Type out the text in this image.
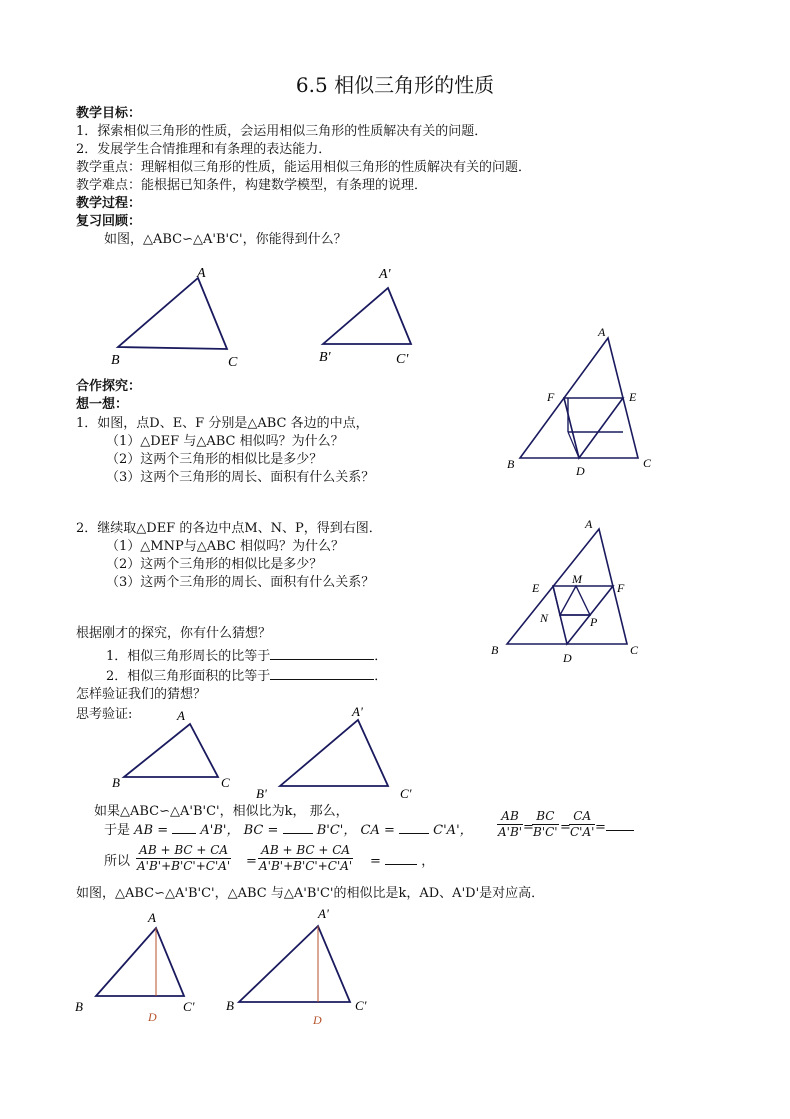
6.5 相似三角形的性质
教学目标：
1．探索相似三角形的性质，会运用相似三角形的性质解决有关的问题．
2．发展学生合情推理和有条理的表达能力．
教学重点：理解相似三角形的性质，能运用相似三角形的性质解决有关的问题．
教学难点：能根据已知条件，构建数学模型，有条理的说理．
教学过程：
复习回顾：
如图，△ABC∽△A'B'C'，你能得到什么？
A
B	C
A'
B'	C'
合作探究：
想一想：
1．如图，点D、E、F 分别是△ABC 各边的中点，
（1）△DEF 与△ABC 相似吗？为什么？
（2）这两个三角形的相似比是多少？
（3）这两个三角形的周长、面积有什么关系？
A
F	E
B	C
D
2．继续取△DEF 的各边中点M、N、P，得到右图．
（1）△MNP与△ABC 相似吗？为什么？
（2）这两个三角形的相似比是多少？
（3）这两个三角形的周长、面积有什么关系？
A
E
M
F
N	P
B	C
D
根据刚才的探究，你有什么猜想？
1．相似三角形周长的比等于	．
2．相似三角形面积的比等于	．
怎样验证我们的猜想？
思考验证:	A
B	C
A'
B'	C'
如果△ABC∽△A'B'C'，相似比为k， 那么，
于是 AB = A'B'， BC =	B'C'， CA =	C'A'， $\frac{AB}{A'B'}$ =
$\frac{BC}{B'C'}$ =
$\frac{CA}{C'A'}$ =
所以 $\frac{AB + BC + CA}{A'B'+B'C'+C'A'} = \frac{AB + BC + CA}{A'B'+B'C'+C'A'}$ =	，
如图，△ABC∽△A'B'C'，△ABC 与△A'B'C'的相似比是k，AD、A'D'是对应高．
A
B	C'
D
A'
B	C'
D
